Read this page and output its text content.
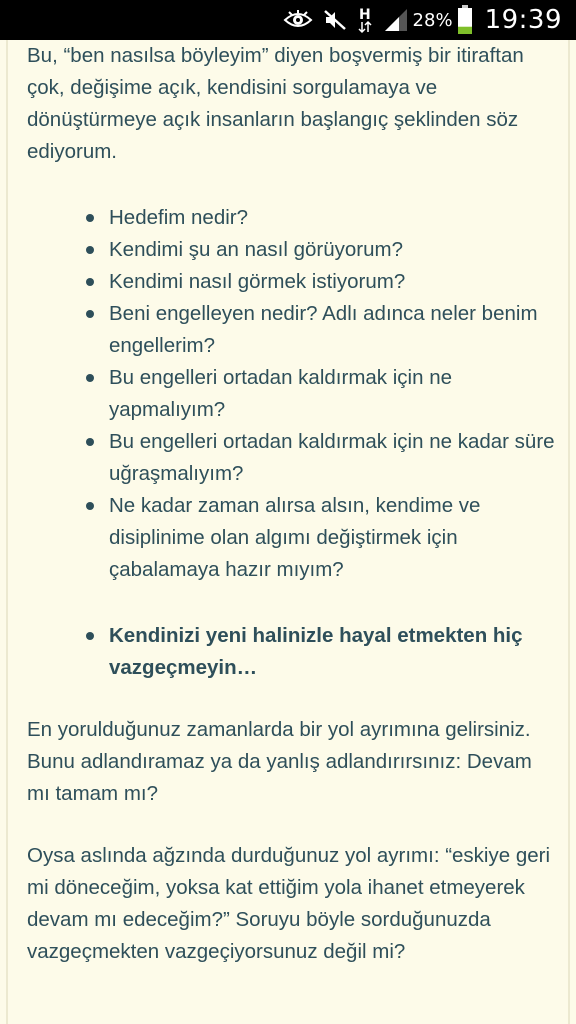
H 28% 19:39

Bu, “ben nasılsa böyleyim” diyen boşvermiş bir itiraftan çok, değişime açık, kendisini sorgulamaya ve dönüştürmeye açık insanların başlangıç şeklinden söz ediyorum.

Hedefim nedir?
Kendimi şu an nasıl görüyorum?
Kendimi nasıl görmek istiyorum?
Beni engelleyen nedir? Adlı adınca neler benim engellerim?
Bu engelleri ortadan kaldırmak için ne yapmalıyım?
Bu engelleri ortadan kaldırmak için ne kadar süre uğraşmalıyım?
Ne kadar zaman alırsa alsın, kendime ve disiplinime olan algımı değiştirmek için çabalamaya hazır mıyım?
Kendinizi yeni halinizle hayal etmekten hiç vazgeçmeyin…

En yorulduğunuz zamanlarda bir yol ayrımına gelirsiniz. Bunu adlandıramaz ya da yanlış adlandırırsınız: Devam mı tamam mı?

Oysa aslında ağzında durduğunuz yol ayrımı: “eskiye geri mi döneceğim, yoksa kat ettiğim yola ihanet etmeyerek devam mı edeceğim?” Soruyu böyle sorduğunuzda vazgeçmekten vazgeçiyorsunuz değil mi?
